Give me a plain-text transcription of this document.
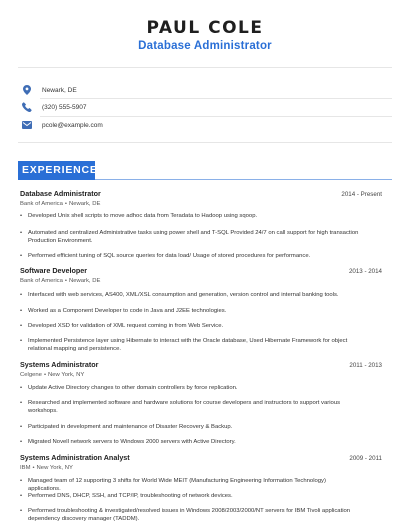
PAUL COLE
Database Administrator
Newark, DE
(320) 555-5907
pcole@example.com
EXPERIENCE
Database Administrator	2014 - Present
Bank of America • Newark, DE
•	Developed Unix shell scripts to move adhoc data from Teradata to Hadoop using sqoop.
•	Automated and centralized Administrative tasks using power shell and T-SQL Provided 24/7 on call support for high transaction Production Environment.
•	Performed efficient tuning of SQL source queries for data load/ Usage of stored procedures for performance.
Software Developer	2013 - 2014
Bank of America • Newark, DE
•	Interfaced with web services, AS400, XML/XSL consumption and generation, version control and internal banking tools.
•	Worked as a Component Developer to code in Java and J2EE technologies.
•	Developed XSD for validation of XML request coming in from Web Service.
•	Implemented Persistence layer using Hibernate to interact with the Oracle database, Used Hibernate Framework for object relational mapping and persistence.
Systems Administrator	2011 - 2013
Celgene • New York, NY
•	Update Active Directory changes to other domain controllers by force replication.
•	Researched and implemented software and hardware solutions for course developers and instructors to support various workshops.
•	Participated in development and maintenance of Disaster Recovery & Backup.
•	Migrated Novell network servers to Windows 2000 servers with Active Directory.
Systems Administration Analyst	2009 - 2011
IBM • New York, NY
•	Managed team of 12 supporting 3 shifts for World Wide MEIT (Manufacturing Engineering Information Technology) applications.
•	Performed DNS, DHCP, SSH, and TCP/IP, troubleshooting of network devices.
•	Performed troubleshooting & investigated/resolved issues in Windows 2008/2003/2000/NT servers for IBM Tivoli application dependency discovery manager (TADDM).
